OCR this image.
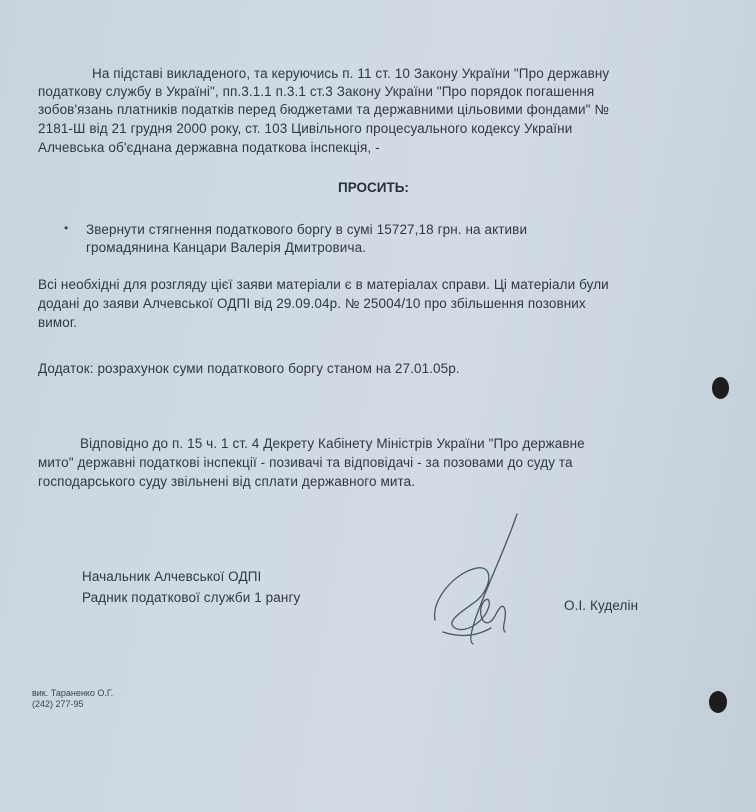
На підставі викладеного, та керуючись п. 11 ст. 10 Закону України "Про державну
податкову службу в Україні", пп.3.1.1 п.3.1 ст.3 Закону України "Про порядок погашення
зобов'язань платників податків перед бюджетами та державними цільовими фондами" №
2181-Ш від 21 грудня 2000 року, ст. 103 Цивільного процесуального кодексу України
Алчевська об'єднана державна податкова інспекція, -
ПРОСИТЬ:
• Звернути стягнення податкового боргу в сумі 15727,18 грн. на активи
громадянина Канцари Валерія Дмитровича.
Всі необхідні для розгляду цієї заяви матеріали є в матеріалах справи. Ці матеріали були
додані до заяви Алчевської ОДПІ від 29.09.04р. № 25004/10 про збільшення позовних
вимог.
Додаток: розрахунок суми податкового боргу станом на 27.01.05р.
Відповідно до п. 15 ч. 1 ст. 4 Декрету Кабінету Міністрів України "Про державне
мито" державні податкові інспекції - позивачі та відповідачі - за позовами до суду та
господарського суду звільнені від сплати державного мита.
Начальник Алчевської ОДПІ
Радник податкової служби 1 рангу
О.І. Куделін
вик. Тараненко О.Г.
(242) 277-95
